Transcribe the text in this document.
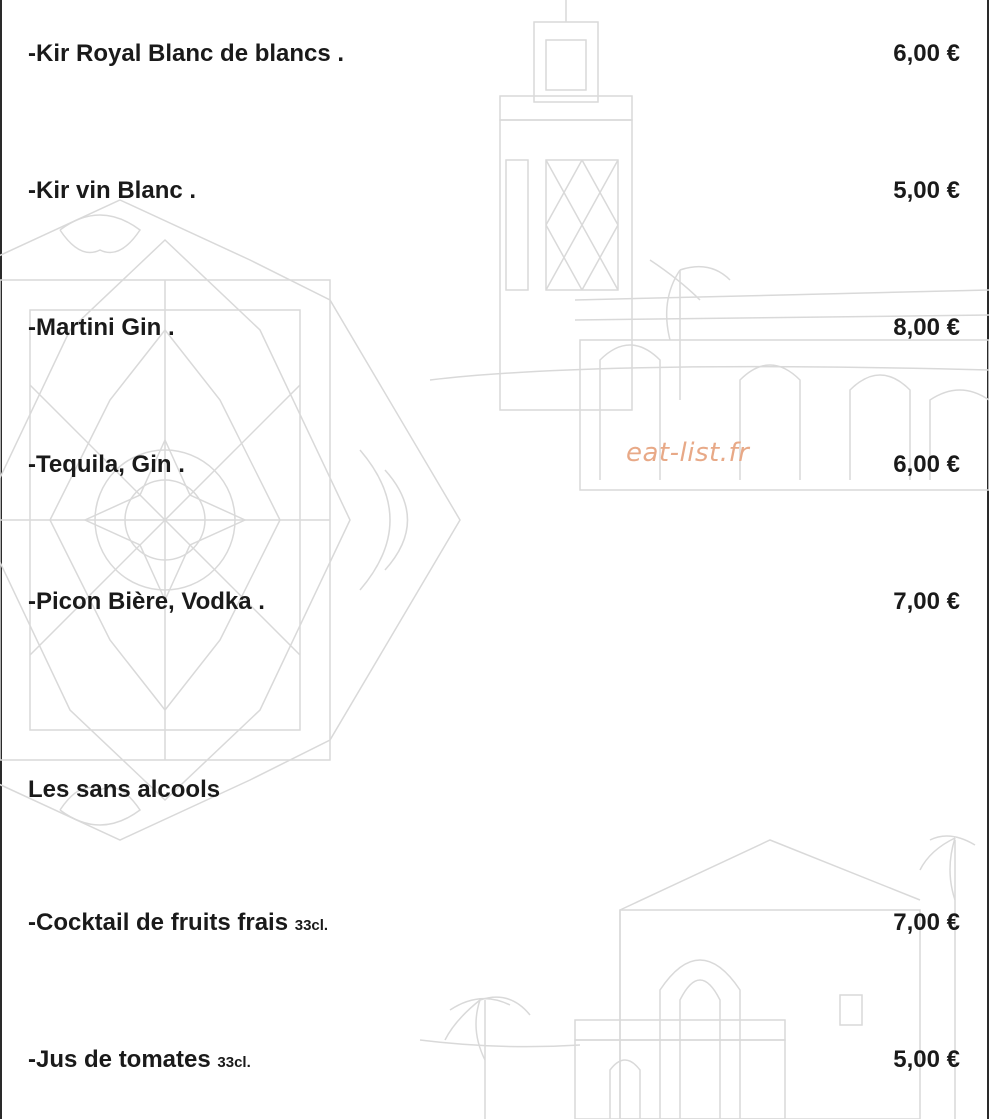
-Kir Royal Blanc de blancs .	6,00 €
-Kir vin Blanc .	5,00 €
-Martini Gin .	8,00 €
-Tequila, Gin .	6,00 €
-Picon Bière, Vodka .	7,00 €
Les sans alcools
-Cocktail de fruits frais 33cl.	7,00 €
-Jus de tomates 33cl.	5,00 €
eat-list.fr
